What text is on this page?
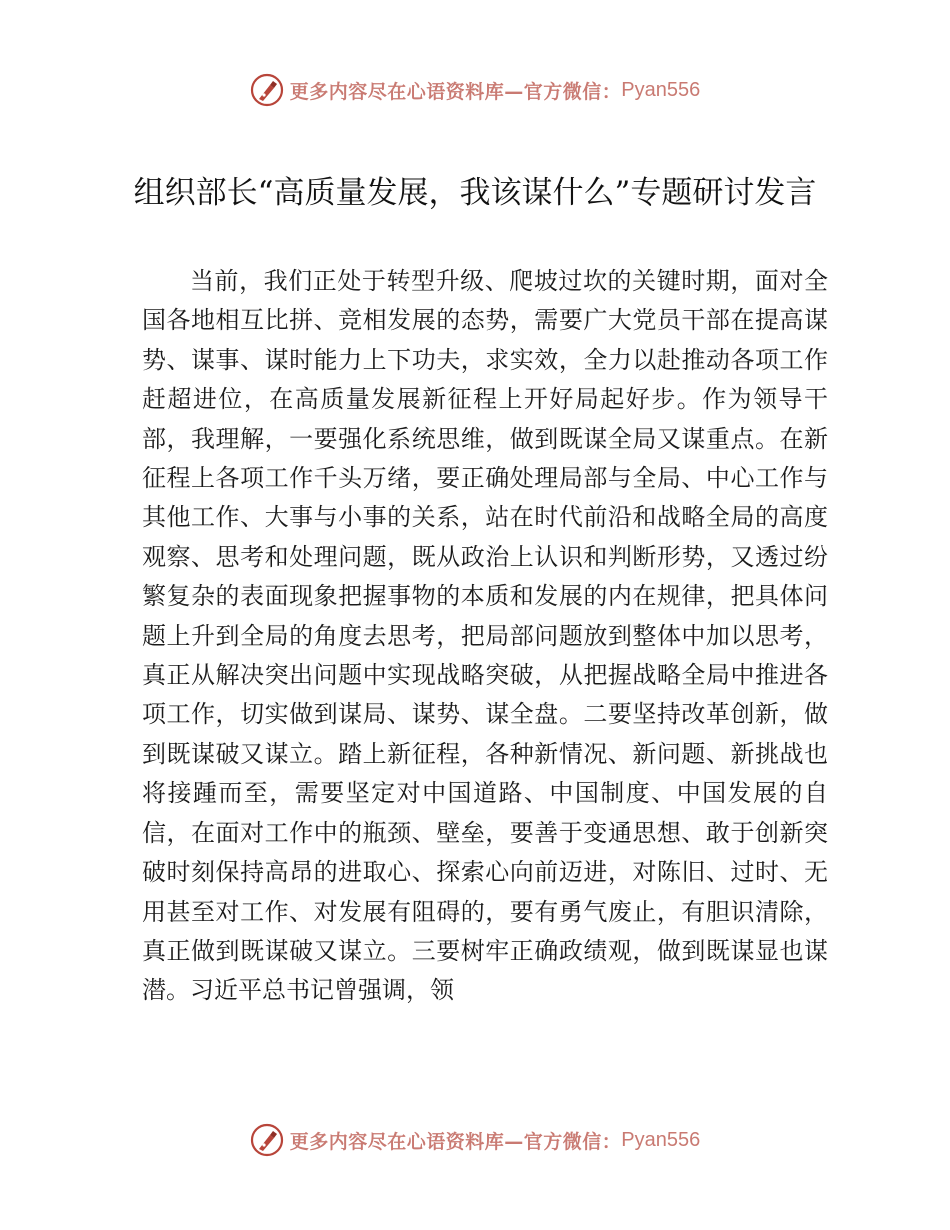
更多内容尽在心语资料库—官方微信： Pyan556
组织部长“高质量发展，我该谋什么”专题研讨发言

当前，我们正处于转型升级、爬坡过坎的关键时期，面对全国各地相互比拼、竞相发展的态势，需要广大党员干部在提高谋势、谋事、谋时能力上下功夫，求实效，全力以赴推动各项工作赶超进位，在高质量发展新征程上开好局起好步。作为领导干部，我理解，一要强化系统思维，做到既谋全局又谋重点。在新征程上各项工作千头万绪，要正确处理局部与全局、中心工作与其他工作、大事与小事的关系，站在时代前沿和战略全局的高度观察、思考和处理问题，既从政治上认识和判断形势，又透过纷繁复杂的表面现象把握事物的本质和发展的内在规律，把具体问题上升到全局的角度去思考，把局部问题放到整体中加以思考，真正从解决突出问题中实现战略突破，从把握战略全局中推进各项工作，切实做到谋局、谋势、谋全盘。二要坚持改革创新，做到既谋破又谋立。踏上新征程，各种新情况、新问题、新挑战也将接踵而至，需要坚定对中国道路、中国制度、中国发展的自信，在面对工作中的瓶颈、壁垒，要善于变通思想、敢于创新突破时刻保持高昂的进取心、探索心向前迈进，对陈旧、过时、无用甚至对工作、对发展有阻碍的，要有勇气废止，有胆识清除，真正做到既谋破又谋立。三要树牢正确政绩观，做到既谋显也谋潜。习近平总书记曾强调，领

更多内容尽在心语资料库—官方微信： Pyan556
